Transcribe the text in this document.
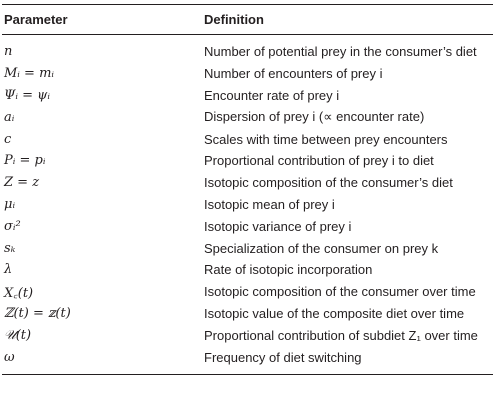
Parameter	Definition
n	Number of potential prey in the consumer’s diet
Mᵢ = mᵢ	Number of encounters of prey i
Ψᵢ = ψᵢ	Encounter rate of prey i
aᵢ	Dispersion of prey i (∝ encounter rate)
c	Scales with time between prey encounters
Pᵢ = pᵢ	Proportional contribution of prey i to diet
Z = z	Isotopic composition of the consumer’s diet
μᵢ	Isotopic mean of prey i
σᵢ²	Isotopic variance of prey i
sₖ	Specialization of the consumer on prey k
λ	Rate of isotopic incorporation
X꜀(t)	Isotopic composition of the consumer over time
ℤ(t) = 𝕫(t)	Isotopic value of the composite diet over time
𝒰(t)	Proportional contribution of subdiet Z₁ over time
ω	Frequency of diet switching
